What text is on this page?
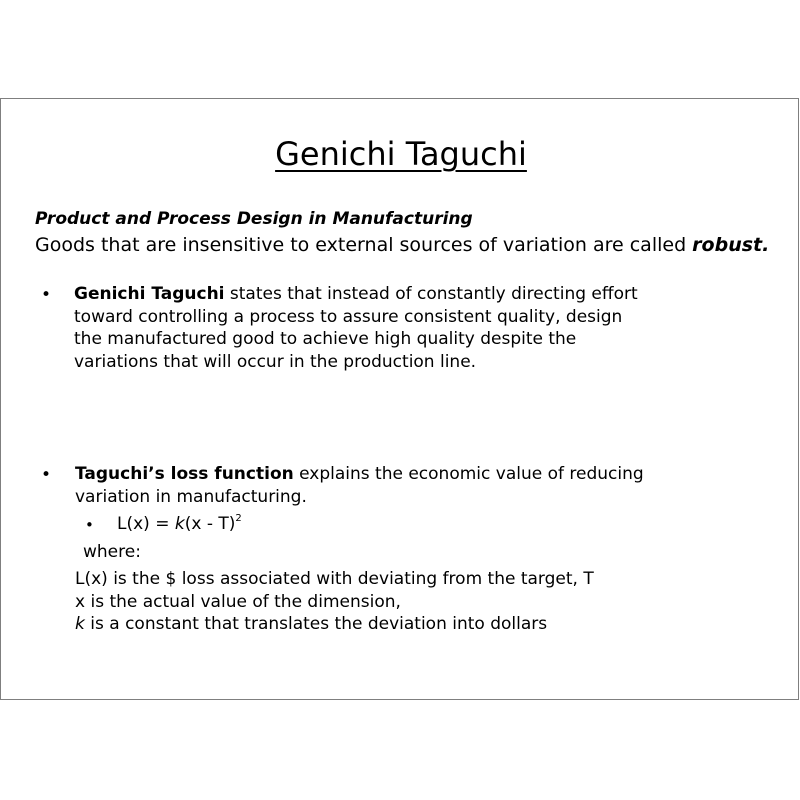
Genichi Taguchi
Product and Process Design in Manufacturing
Goods that are insensitive to external sources of variation are called robust.
• Genichi Taguchi states that instead of constantly directing effort
toward controlling a process to assure consistent quality, design
the manufactured good to achieve high quality despite the
variations that will occur in the production line.
• Taguchi’s loss function explains the economic value of reducing
variation in manufacturing.
• L(x) = k(x - T)$^2$
where:
L(x) is the $ loss associated with deviating from the target, T
x is the actual value of the dimension,
k is a constant that translates the deviation into dollars
